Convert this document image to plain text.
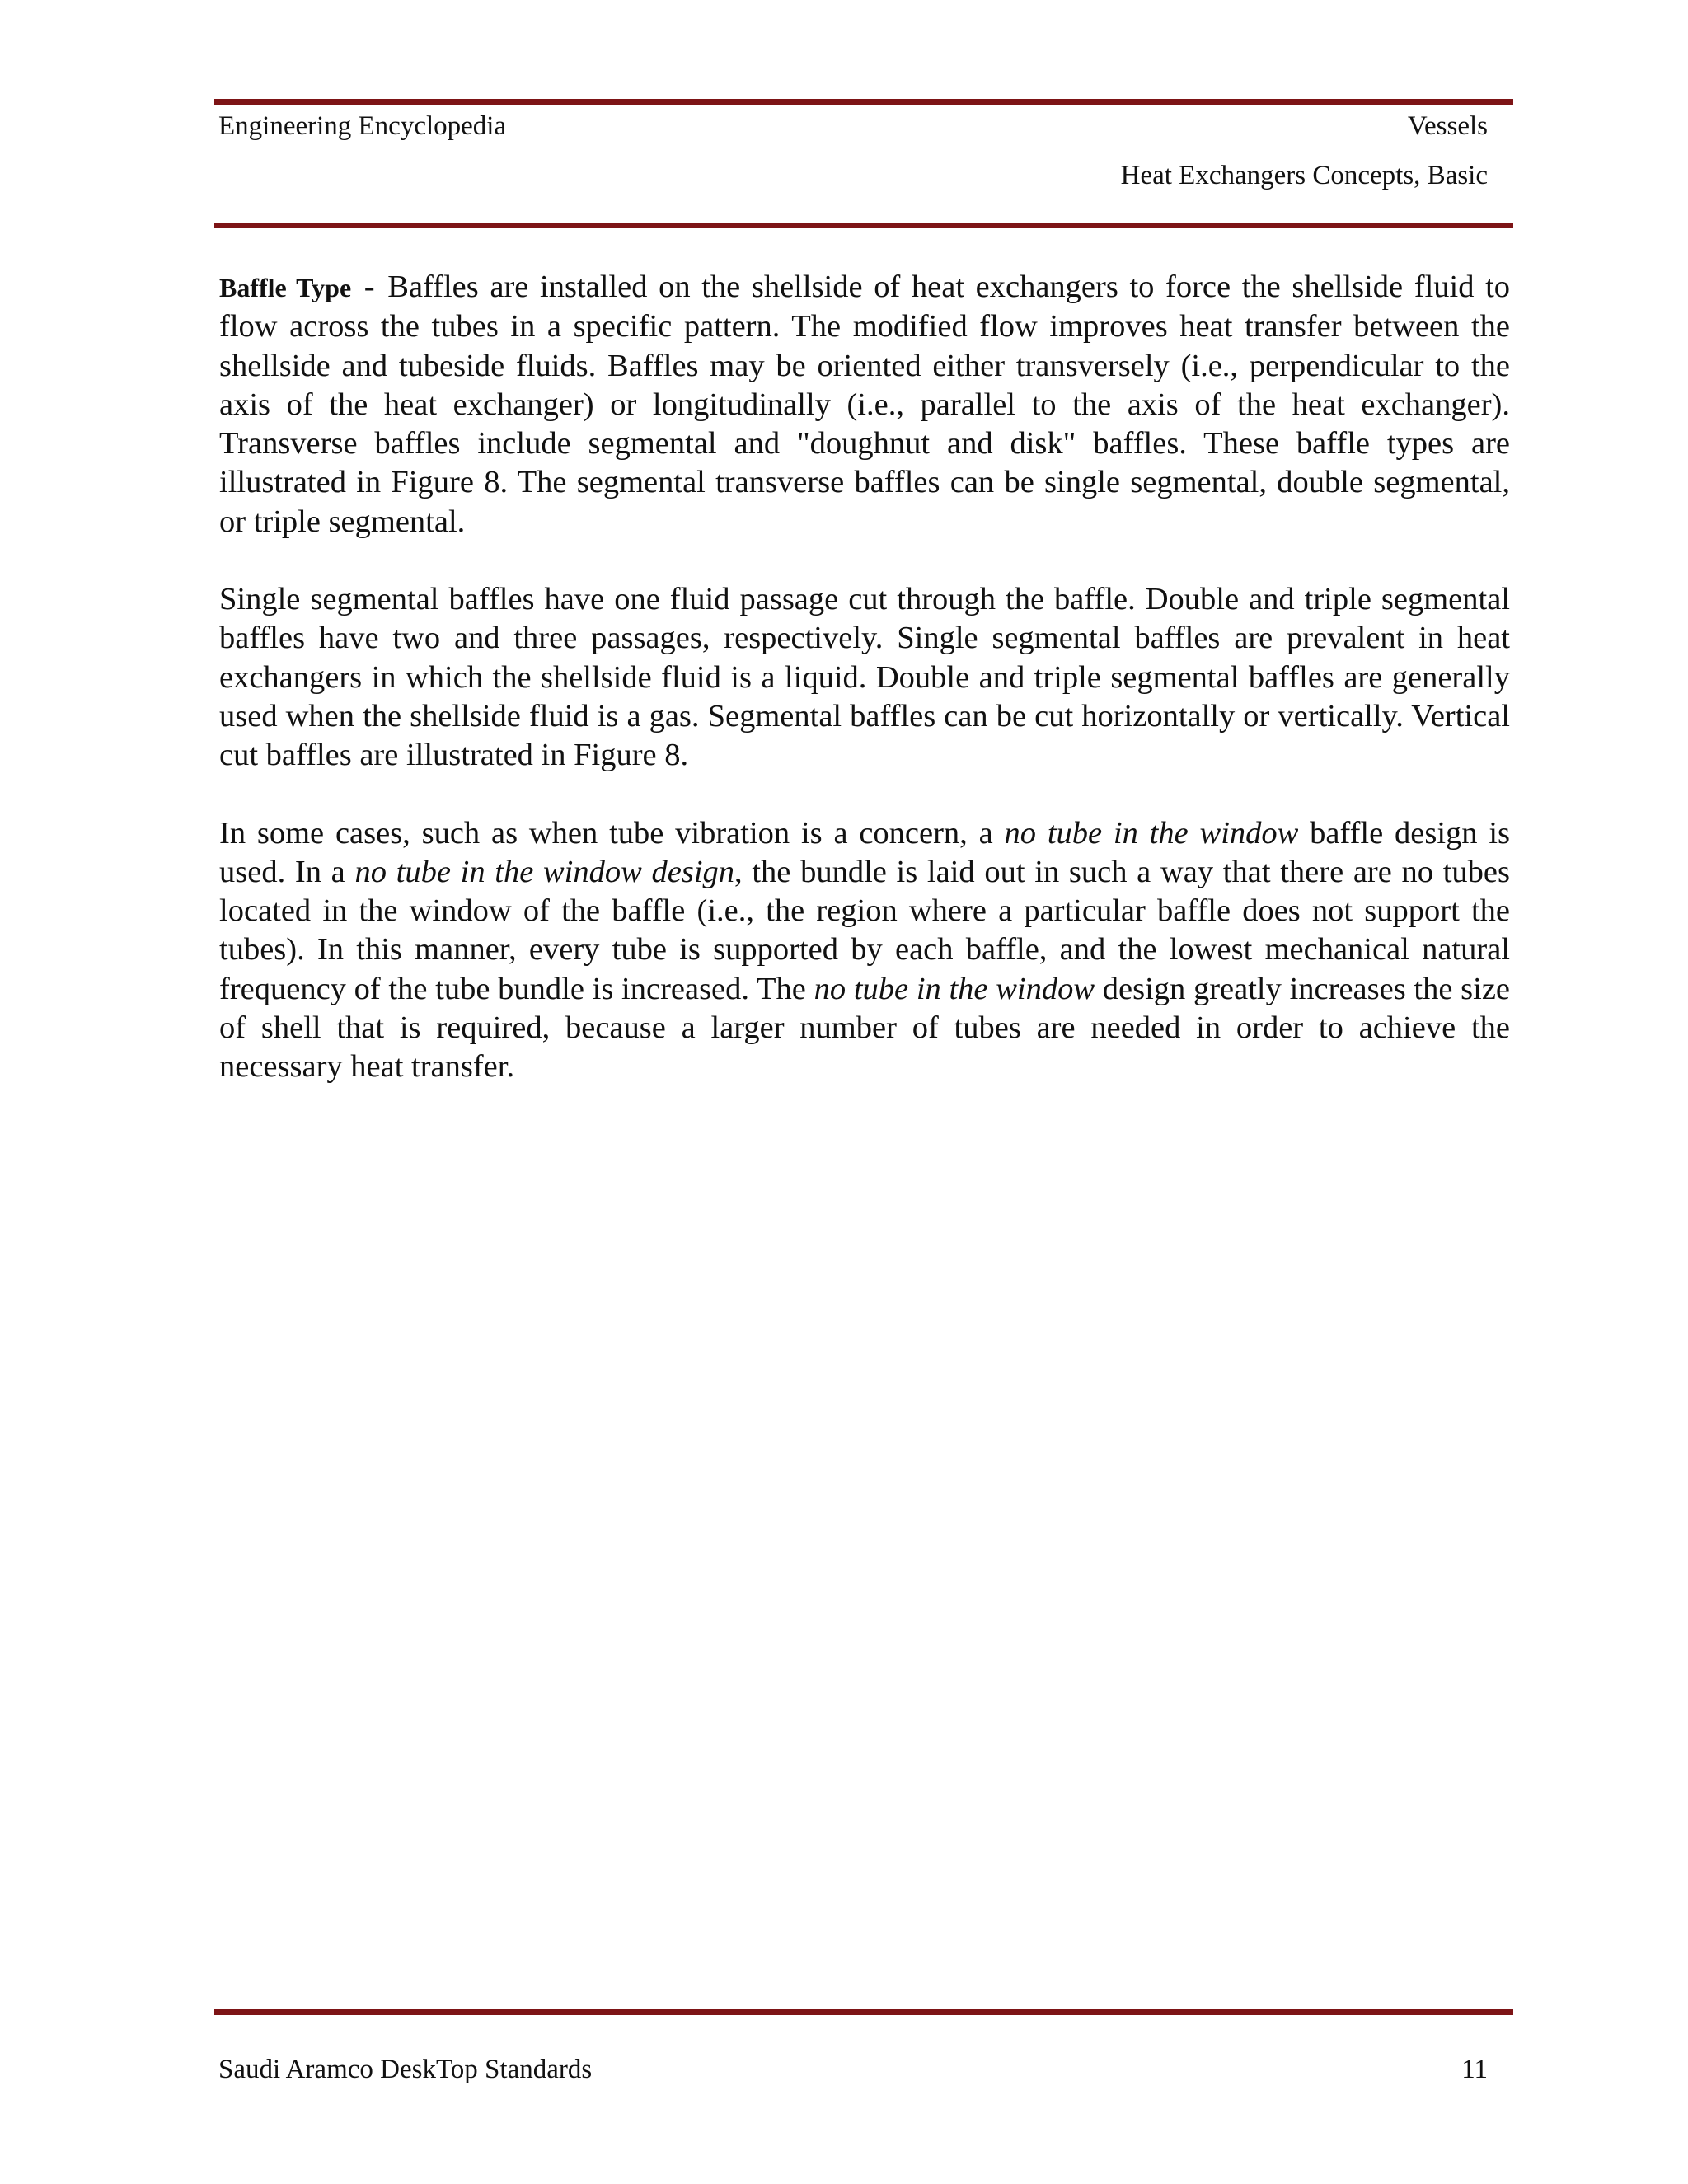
Engineering Encyclopedia	Vessels
Heat Exchangers Concepts, Basic

Baffle Type - Baffles are installed on the shellside of heat exchangers to force the shellside fluid to flow across the tubes in a specific pattern. The modified flow improves heat transfer between the shellside and tubeside fluids. Baffles may be oriented either transversely (i.e., perpendicular to the axis of the heat exchanger) or longitudinally (i.e., parallel to the axis of the heat exchanger). Transverse baffles include segmental and "doughnut and disk" baffles. These baffle types are illustrated in Figure 8. The segmental transverse baffles can be single segmental, double segmental, or triple segmental.

Single segmental baffles have one fluid passage cut through the baffle. Double and triple segmental baffles have two and three passages, respectively. Single segmental baffles are prevalent in heat exchangers in which the shellside fluid is a liquid. Double and triple segmental baffles are generally used when the shellside fluid is a gas. Segmental baffles can be cut horizontally or vertically. Vertical cut baffles are illustrated in Figure 8.

In some cases, such as when tube vibration is a concern, a no tube in the window baffle design is used. In a no tube in the window design, the bundle is laid out in such a way that there are no tubes located in the window of the baffle (i.e., the region where a particular baffle does not support the tubes). In this manner, every tube is supported by each baffle, and the lowest mechanical natural frequency of the tube bundle is increased. The no tube in the window design greatly increases the size of shell that is required, because a larger number of tubes are needed in order to achieve the necessary heat transfer.

Saudi Aramco DeskTop Standards	11
